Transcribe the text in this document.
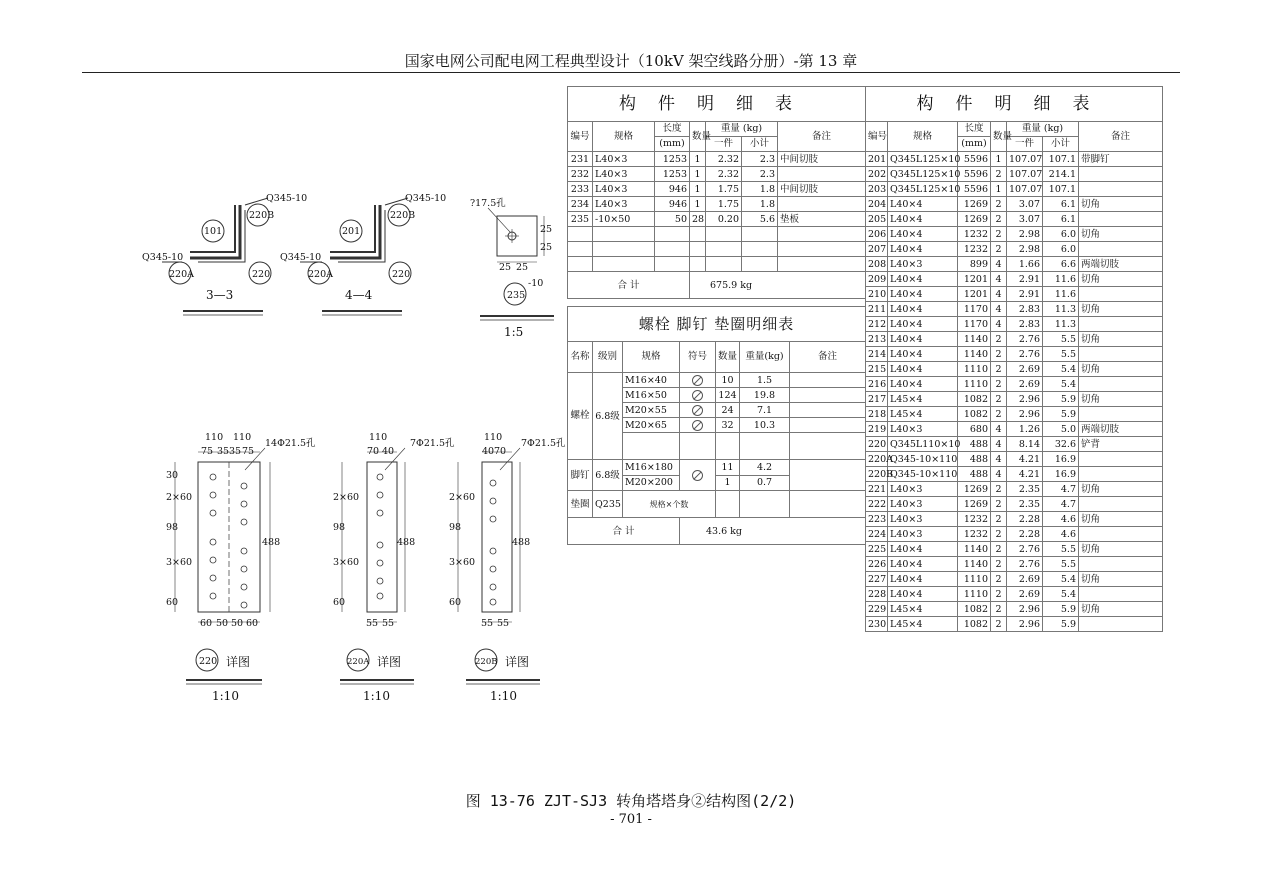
国家电网公司配电网工程典型设计（10kV 架空线路分册）-第 13 章
Q345-10
Q345-10
101
220B
220A	220
3—3
Q345-10
Q345-10
201
220B
220A	220
4—4
?17.5孔
25 25
25
25
235
-10
1:5
110 110
75 35 35 75
14Φ21.5孔
30
2×60
98
3×60
60
488
60 50 50 60
220 详图
1:10
110
70 40
7Φ21.5孔
2×60
98
3×60
60
488
55 55
220A 详图
1:10
110
40 70
7Φ21.5孔
2×60
98
3×60
60
488
55 55
220B 详图
1:10
构件明细表						
编号	规格	长度	数量	重量 (kg)		备注
		(mm)		一件	小计	
231	L40×3	1253	1	2.32	2.3	中间切肢
232	L40×3	1253	1	2.32	2.3	
233	L40×3	946	1	1.75	1.8	中间切肢
234	L40×3	946	1	1.75	1.8	
235	-10×50	50	28	0.20	5.6	垫板

合 计			675.9 kg			
螺栓 脚钉 垫圈明细表						
名称	级别	规格	符号	数量	重量(kg)	备注
螺栓	6.8级	M16×40		10	1.5	
		M16×50		124	19.8	
		M20×55		24	7.1	
		M20×65		32	10.3	

脚钉	6.8级	M16×180		11	4.2	
		M20×200		1	0.7	
垫圈	Q235	规格×个数				
合 计			43.6 kg			
构件明细表						
编号	规格	长度	数量	重量 (kg)		备注
		(mm)		一件	小计	
201	Q345L125×10	5596	1	107.07	107.1	带脚钉
202	Q345L125×10	5596	2	107.07	214.1	
203	Q345L125×10	5596	1	107.07	107.1	
204	L40×4	1269	2	3.07	6.1	切角
205	L40×4	1269	2	3.07	6.1	
206	L40×4	1232	2	2.98	6.0	切角
207	L40×4	1232	2	2.98	6.0	
208	L40×3	899	4	1.66	6.6	两端切肢
209	L40×4	1201	4	2.91	11.6	切角
210	L40×4	1201	4	2.91	11.6	
211	L40×4	1170	4	2.83	11.3	切角
212	L40×4	1170	4	2.83	11.3	
213	L40×4	1140	2	2.76	5.5	切角
214	L40×4	1140	2	2.76	5.5	
215	L40×4	1110	2	2.69	5.4	切角
216	L40×4	1110	2	2.69	5.4	
217	L45×4	1082	2	2.96	5.9	切角
218	L45×4	1082	2	2.96	5.9	
219	L40×3	680	4	1.26	5.0	两端切肢
220	Q345L110×10	488	4	8.14	32.6	铲背
220A	Q345-10×110	488	4	4.21	16.9	
220B	Q345-10×110	488	4	4.21	16.9	
221	L40×3	1269	2	2.35	4.7	切角
222	L40×3	1269	2	2.35	4.7	
223	L40×3	1232	2	2.28	4.6	切角
224	L40×3	1232	2	2.28	4.6	
225	L40×4	1140	2	2.76	5.5	切角
226	L40×4	1140	2	2.76	5.5	
227	L40×4	1110	2	2.69	5.4	切角
228	L40×4	1110	2	2.69	5.4	
229	L45×4	1082	2	2.96	5.9	切角
230	L45×4	1082	2	2.96	5.9	
图 13-76 ZJT-SJ3 转角塔塔身②结构图(2/2)
- 701 -
